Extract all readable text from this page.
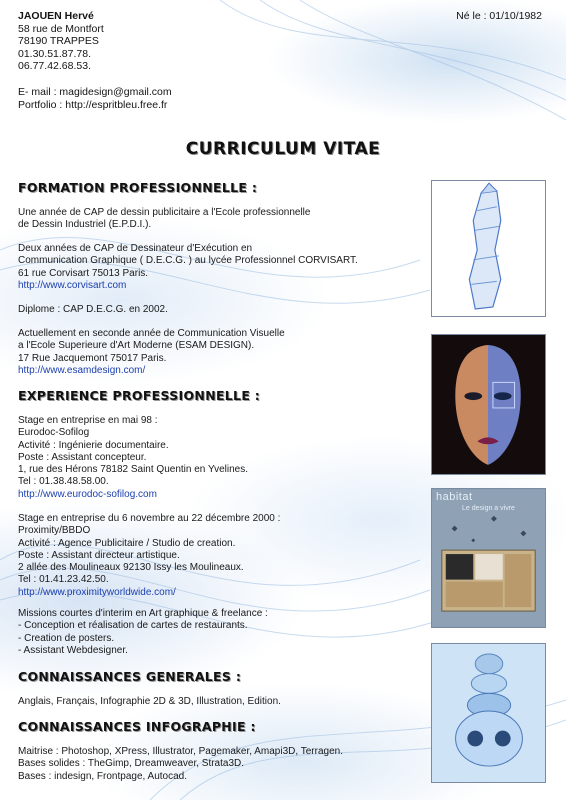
JAOUEN Hervé
58 rue de Montfort
78190 TRAPPES
01.30.51.87.78.
06.77.42.68.53.
Né le : 01/10/1982
E- mail : magidesign@gmail.com
Portfolio : http://espritbleu.free.fr
CURRICULUM VITAE
FORMATION PROFESSIONNELLE :
Une année de CAP de dessin publicitaire a l'Ecole professionnelle
de Dessin Industriel (E.P.D.I.).
Deux années de CAP de Dessinateur d'Exécution en
Communication Graphique ( D.E.C.G. ) au lycée Professionnel CORVISART.
61 rue Corvisart 75013 Paris.
http://www.corvisart.com
Diplome : CAP D.E.C.G. en 2002.
Actuellement en seconde année de Communication Visuelle
a l'Ecole Superieure d'Art Moderne (ESAM DESIGN).
17 Rue Jacquemont 75017 Paris.
http://www.esamdesign.com/
EXPERIENCE PROFESSIONNELLE :
Stage en entreprise en mai 98 :
Eurodoc-Sofilog
Activité : Ingénierie documentaire.
Poste : Assistant concepteur.
1, rue des Hérons 78182 Saint Quentin en Yvelines.
Tel : 01.38.48.58.00.
http://www.eurodoc-sofilog.com
Stage en entreprise du 6 novembre au 22 décembre 2000 :
Proximity/BBDO
Activité : Agence Publicitaire / Studio de creation.
Poste : Assistant directeur artistique.
2 allée des Moulineaux 92130 Issy les Moulineaux.
Tel : 01.41.23.42.50.
http://www.proximityworldwide.com/
Missions courtes d'interim en Art graphique & freelance :
- Conception et réalisation de cartes de restaurants.
- Creation de posters.
- Assistant Webdesigner.
CONNAISSANCES GENERALES :
Anglais, Français, Infographie 2D & 3D, Illustration, Edition.
CONNAISSANCES INFOGRAPHIE :
Maitrise : Photoshop, XPress, Illustrator, Pagemaker, Amapi3D, Terragen.
Bases solides : TheGimp, Dreamweaver, Strata3D.
Bases : indesign, Frontpage, Autocad.
habitat
Le design a vivre
